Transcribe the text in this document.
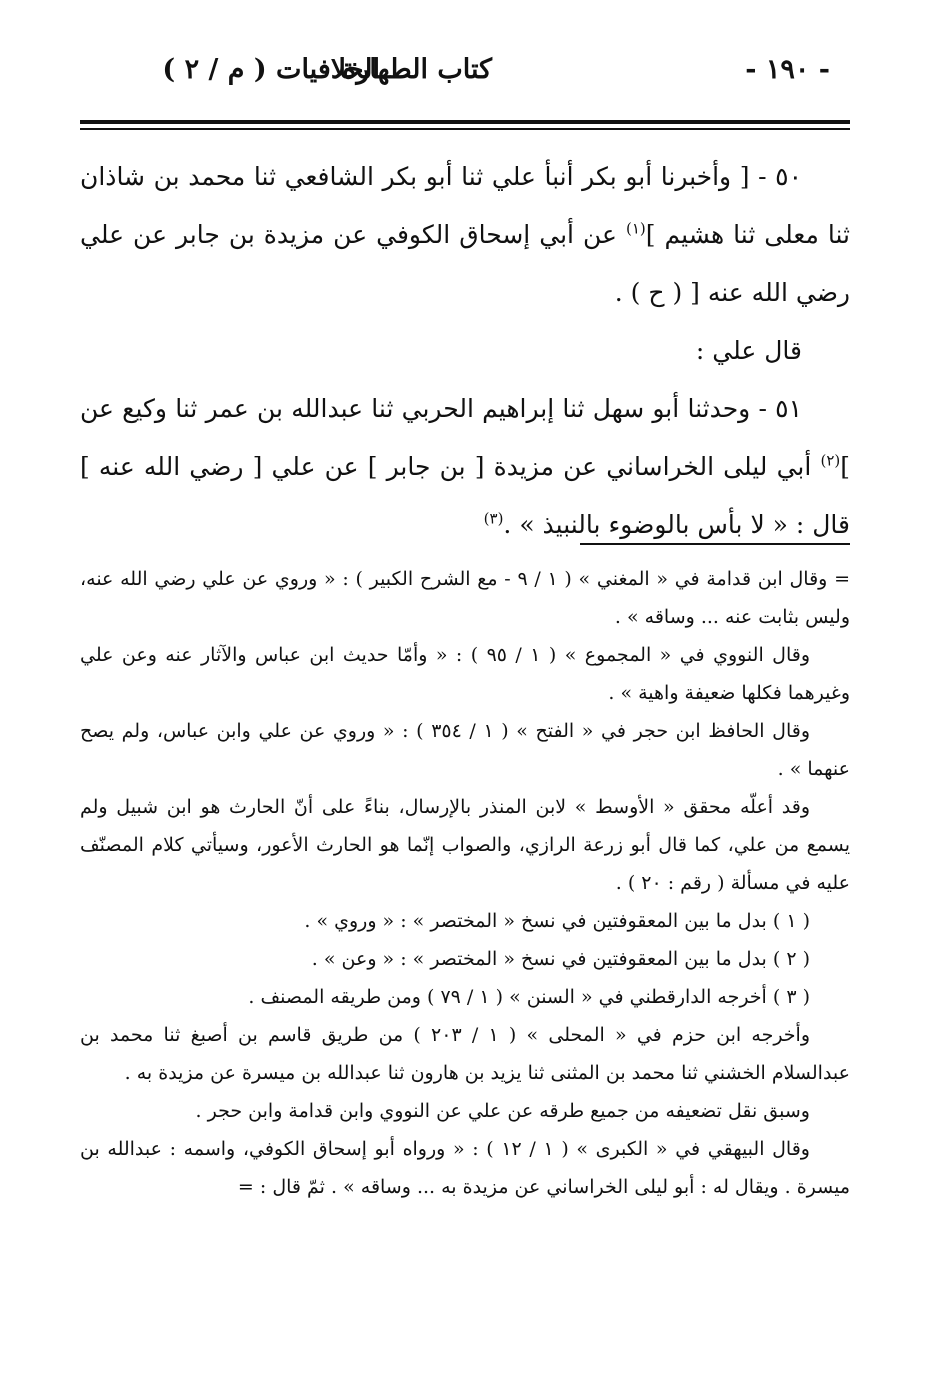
- ١٩٠ -
كتاب الطهارة
الخلافيات ( م / ٢ )

٥٠ - [ وأخبرنا أبو بكر أنبأ علي ثنا أبو بكر الشافعي ثنا محمد بن شاذان ثنا معلى ثنا هشيم ]$^{(١)}$ عن أبي إسحاق الكوفي عن مزيدة بن جابر عن علي رضي الله عنه [ ( ح ) .

قال علي :

٥١ - وحدثنا أبو سهل ثنا إبراهيم الحربي ثنا عبدالله بن عمر ثنا وكيع عن ]$^{(٢)}$ أبي ليلى الخراساني عن مزيدة [ بن جابر ] عن علي [ رضي الله عنه ] قال : « لا بأس بالوضوء بالنبيذ » .$^{(٣)}$

= وقال ابن قدامة في « المغني » ( ١ / ٩ - مع الشرح الكبير ) : « وروي عن علي رضي الله عنه، وليس بثابت عنه ... وساقه » .

وقال النووي في « المجموع » ( ١ / ٩٥ ) : « وأمّا حديث ابن عباس والآثار عنه وعن علي وغيرهما فكلها ضعيفة واهية » .

وقال الحافظ ابن حجر في « الفتح » ( ١ / ٣٥٤ ) : « وروي عن علي وابن عباس، ولم يصح عنهما » .

وقد أعلّه محقق « الأوسط » لابن المنذر بالإرسال، بناءً على أنّ الحارث هو ابن شبيل ولم يسمع من علي، كما قال أبو زرعة الرازي، والصواب إنّما هو الحارث الأعور، وسيأتي كلام المصنّف عليه في مسألة ( رقم : ٢٠ ) .

( ١ ) بدل ما بين المعقوفتين في نسخ « المختصر » : « وروي » .

( ٢ ) بدل ما بين المعقوفتين في نسخ « المختصر » : « وعن » .

( ٣ ) أخرجه الدارقطني في « السنن » ( ١ / ٧٩ ) ومن طريقه المصنف .

وأخرجه ابن حزم في « المحلى » ( ١ / ٢٠٣ ) من طريق قاسم بن أصبغ ثنا محمد بن عبدالسلام الخشني ثنا محمد بن المثنى ثنا يزيد بن هارون ثنا عبدالله بن ميسرة عن مزيدة به .

وسبق نقل تضعيفه من جميع طرقه عن علي عن النووي وابن قدامة وابن حجر .

وقال البيهقي في « الكبرى » ( ١ / ١٢ ) : « ورواه أبو إسحاق الكوفي، واسمه : عبدالله بن ميسرة . ويقال له : أبو ليلى الخراساني عن مزيدة به ... وساقه » . ثمّ قال : =
